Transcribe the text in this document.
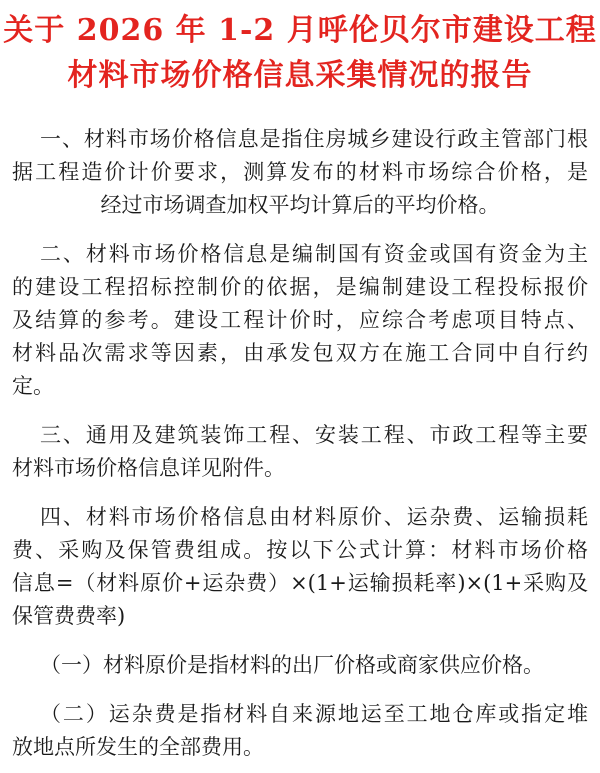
关于 2026 年 1-2 月呼伦贝尔市建设工程
材料市场价格信息采集情况的报告
一、材料市场价格信息是指住房城乡建设行政主管部门根
据工程造价计价要求，测算发布的材料市场综合价格，是
经过市场调查加权平均计算后的平均价格。
二、材料市场价格信息是编制国有资金或国有资金为主
的建设工程招标控制价的依据，是编制建设工程投标报价
及结算的参考。建设工程计价时，应综合考虑项目特点、
材料品次需求等因素，由承发包双方在施工合同中自行约
定。
三、通用及建筑装饰工程、安装工程、市政工程等主要
材料市场价格信息详见附件。
四、材料市场价格信息由材料原价、运杂费、运输损耗
费、采购及保管费组成。按以下公式计算：材料市场价格
信息=（材料原价+运杂费）×(1+运输损耗率)×(1+采购及
保管费费率)
（一）材料原价是指材料的出厂价格或商家供应价格。
（二）运杂费是指材料自来源地运至工地仓库或指定堆
放地点所发生的全部费用。
